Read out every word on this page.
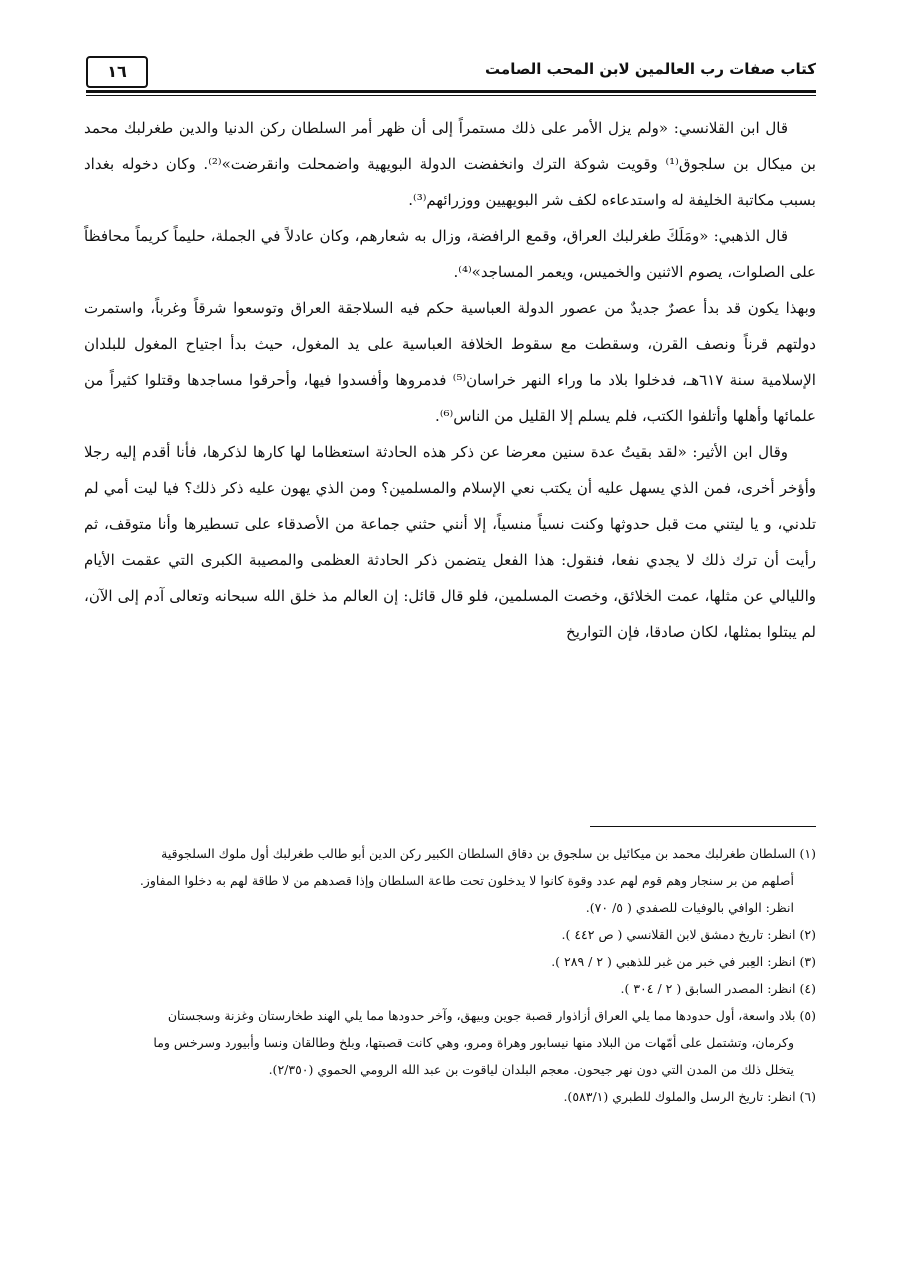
كتاب صفات رب العالمين لابن المحب الصامت
١٦

قال ابن القلانسي: «ولم يزل الأمر على ذلك مستمراً إلى أن ظهر أمر السلطان ركن الدنيا والدين طغرلبك محمد بن ميكال بن سلجوق⁽¹⁾ وقويت شوكة الترك وانخفضت الدولة البويهية واضمحلت وانقرضت»⁽²⁾. وكان دخوله بغداد بسبب مكاتبة الخليفة له واستدعاءه لكف شر البويهيين ووزرائهم⁽³⁾.

قال الذهبي: «ومَلَكَ طغرلبك العراق، وقمع الرافضة، وزال به شعارهم، وكان عادلاً في الجملة، حليماً كريماً محافظاً على الصلوات، يصوم الاثنين والخميس، ويعمر المساجد»⁽⁴⁾.

وبهذا يكون قد بدأ عصرٌ جديدٌ من عصور الدولة العباسية حكم فيه السلاجقة العراق وتوسعوا شرقاً وغرباً، واستمرت دولتهم قرناً ونصف القرن، وسقطت مع سقوط الخلافة العباسية على يد المغول، حيث بدأ اجتياح المغول للبلدان الإسلامية سنة ٦١٧هـ، فدخلوا بلاد ما وراء النهر خراسان⁽⁵⁾ فدمروها وأفسدوا فيها، وأحرقوا مساجدها وقتلوا كثيراً من علمائها وأهلها وأتلفوا الكتب، فلم يسلم إلا القليل من الناس⁽⁶⁾.

وقال ابن الأثير: «لقد بقيتُ عدة سنين معرضا عن ذكر هذه الحادثة استعظاما لها كارها لذكرها، فأنا أقدم إليه رجلا وأؤخر أخرى، فمن الذي يسهل عليه أن يكتب نعي الإسلام والمسلمين؟ ومن الذي يهون عليه ذكر ذلك؟ فيا ليت أمي لم تلدني، و يا ليتني مت قبل حدوثها وكنت نسياً منسياً، إلا أنني حثني جماعة من الأصدقاء على تسطيرها وأنا متوقف، ثم رأيت أن ترك ذلك لا يجدي نفعا، فنقول: هذا الفعل يتضمن ذكر الحادثة العظمى والمصيبة الكبرى التي عقمت الأيام والليالي عن مثلها، عمت الخلائق، وخصت المسلمين، فلو قال قائل: إن العالم مذ خلق الله سبحانه وتعالى آدم إلى الآن، لم يبتلوا بمثلها، لكان صادقا، فإن التواريخ

(١) السلطان طغرلبك محمد بن ميكائيل بن سلجوق بن دقاق السلطان الكبير ركن الدين أبو طالب طغرلبك أول ملوك السلجوقية

أصلهم من بر سنجار وهم قوم لهم عدد وقوة كانوا لا يدخلون تحت طاعة السلطان وإذا قصدهم من لا طاقة لهم به دخلوا المفاوز.

انظر: الوافي بالوفيات للصفدي ( ٥/ ٧٠).

(٢) انظر: تاريخ دمشق لابن القلانسي ( ص ٤٤٢ ).

(٣) انظر: العِبر في خبر من غبر للذهبي ( ٢ / ٢٨٩ ).

(٤) انظر: المصدر السابق ( ٢ / ٣٠٤ ).

(٥) بلاد واسعة، أول حدودها مما يلي العراق أزاذوار قصبة جوين وبيهق، وآخر حدودها مما يلي الهند طخارستان وغزنة وسجستان

وكرمان، وتشتمل على أمّهات من البلاد منها نيسابور وهراة ومرو، وهي كانت قصبتها، وبلخ وطالقان ونسا وأبيورد وسرخس وما

يتخلل ذلك من المدن التي دون نهر جيحون. معجم البلدان لياقوت بن عبد الله الرومي الحموي (٢/٣٥٠).

(٦) انظر: تاريخ الرسل والملوك للطبري (٥٨٣/١).
